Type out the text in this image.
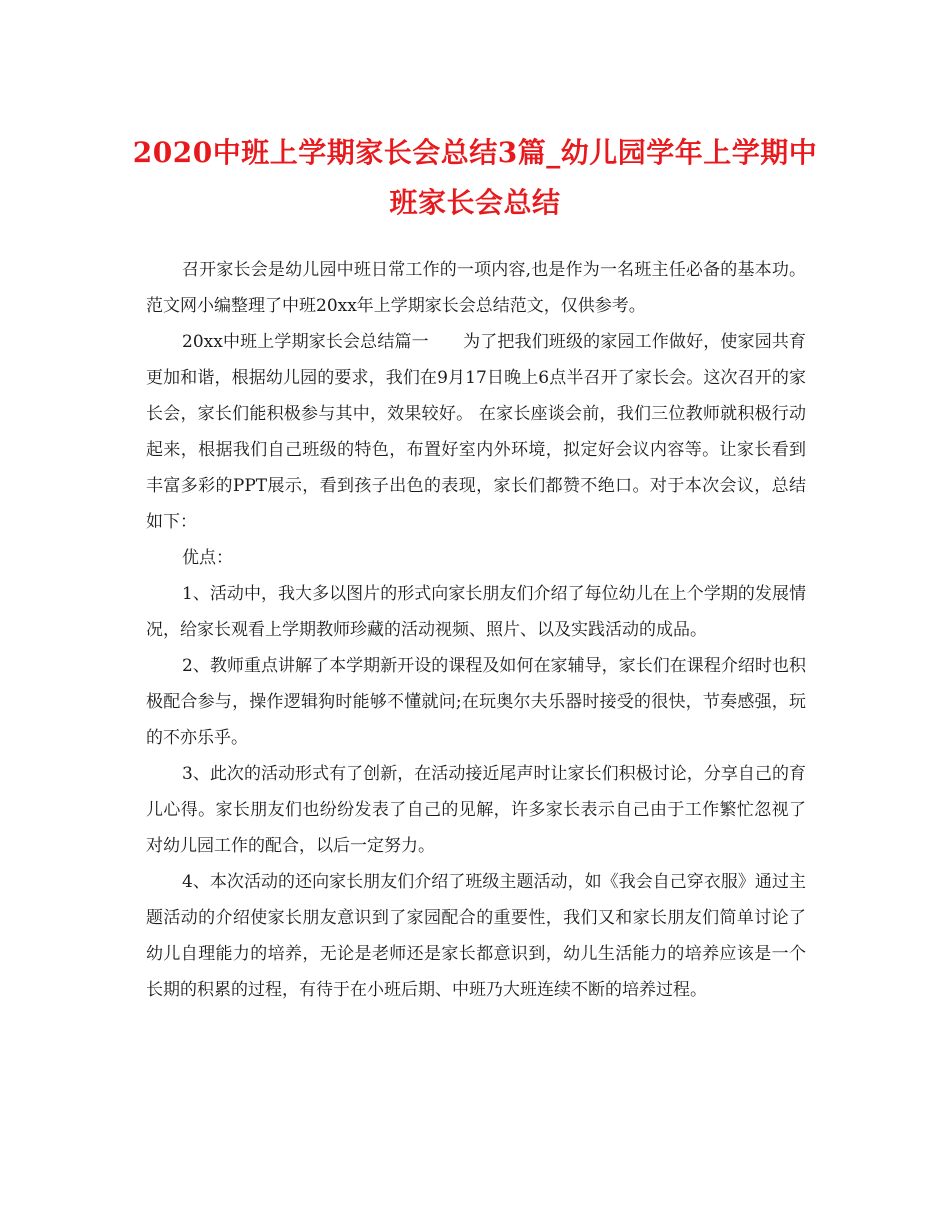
2020中班上学期家长会总结3篇_幼儿园学年上学期中班家长会总结

召开家长会是幼儿园中班日常工作的一项内容,也是作为一名班主任必备的基本功。范文网小编整理了中班20xx年上学期家长会总结范文，仅供参考。

20xx中班上学期家长会总结篇一　　为了把我们班级的家园工作做好，使家园共育更加和谐，根据幼儿园的要求，我们在9月17日晚上6点半召开了家长会。这次召开的家长会，家长们能积极参与其中，效果较好。 在家长座谈会前，我们三位教师就积极行动起来，根据我们自己班级的特色，布置好室内外环境，拟定好会议内容等。让家长看到丰富多彩的PPT展示，看到孩子出色的表现，家长们都赞不绝口。对于本次会议，总结如下：

优点：

1、活动中，我大多以图片的形式向家长朋友们介绍了每位幼儿在上个学期的发展情况，给家长观看上学期教师珍藏的活动视频、照片、以及实践活动的成品。

2、教师重点讲解了本学期新开设的课程及如何在家辅导，家长们在课程介绍时也积极配合参与，操作逻辑狗时能够不懂就问;在玩奥尔夫乐器时接受的很快，节奏感强，玩的不亦乐乎。

3、此次的活动形式有了创新，在活动接近尾声时让家长们积极讨论，分享自己的育儿心得。家长朋友们也纷纷发表了自己的见解，许多家长表示自己由于工作繁忙忽视了对幼儿园工作的配合，以后一定努力。

4、本次活动的还向家长朋友们介绍了班级主题活动，如《我会自己穿衣服》通过主题活动的介绍使家长朋友意识到了家园配合的重要性，我们又和家长朋友们简单讨论了幼儿自理能力的培养，无论是老师还是家长都意识到，幼儿生活能力的培养应该是一个长期的积累的过程，有待于在小班后期、中班乃大班连续不断的培养过程。
